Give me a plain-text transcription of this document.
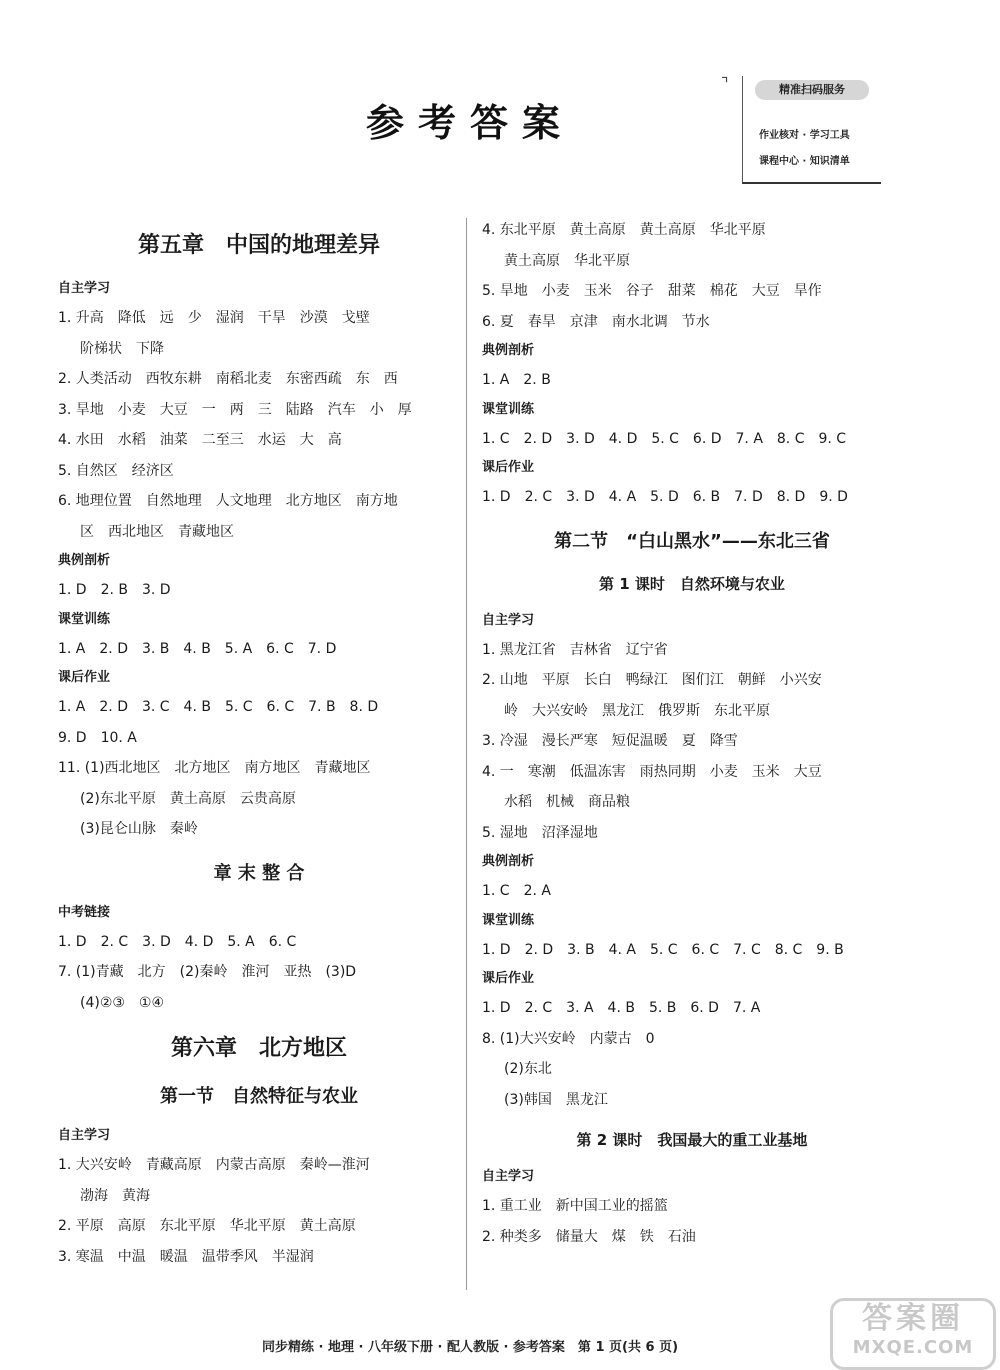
参考答案
⌝	精准扫码服务
作业核对 · 学习工具
课程中心 · 知识清单
第五章　中国的地理差异
自主学习
1. 升高　降低　远　少　湿润　干旱　沙漠　戈壁
阶梯状　下降
2. 人类活动　西牧东耕　南稻北麦　东密西疏　东　西
3. 旱地　小麦　大豆　一　两　三　陆路　汽车　小　厚
4. 水田　水稻　油菜　二至三　水运　大　高
5. 自然区　经济区
6. 地理位置　自然地理　人文地理　北方地区　南方地
区　西北地区　青藏地区
典例剖析
1. D　2. B　3. D
课堂训练
1. A　2. D　3. B　4. B　5. A　6. C　7. D
课后作业
1. A　2. D　3. C　4. B　5. C　6. C　7. B　8. D
9. D　10. A
11. (1)西北地区　北方地区　南方地区　青藏地区
(2)东北平原　黄土高原　云贵高原
(3)昆仑山脉　秦岭
章 末 整 合
中考链接
1. D　2. C　3. D　4. D　5. A　6. C
7. (1)青藏　北方　(2)秦岭　淮河　亚热　(3)D
(4)②③　①④
第六章　北方地区
第一节　自然特征与农业
自主学习
1. 大兴安岭　青藏高原　内蒙古高原　秦岭—淮河
渤海　黄海
2. 平原　高原　东北平原　华北平原　黄土高原
3. 寒温　中温　暖温　温带季风　半湿润
4. 东北平原　黄土高原　黄土高原　华北平原
黄土高原　华北平原
5. 旱地　小麦　玉米　谷子　甜菜　棉花　大豆　旱作
6. 夏　春旱　京津　南水北调　节水
典例剖析
1. A　2. B
课堂训练
1. C　2. D　3. D　4. D　5. C　6. D　7. A　8. C　9. C
课后作业
1. D　2. C　3. D　4. A　5. D　6. B　7. D　8. D　9. D
第二节　“白山黑水”——东北三省
第 1 课时　自然环境与农业
自主学习
1. 黑龙江省　吉林省　辽宁省
2. 山地　平原　长白　鸭绿江　图们江　朝鲜　小兴安
岭　大兴安岭　黑龙江　俄罗斯　东北平原
3. 冷湿　漫长严寒　短促温暖　夏　降雪
4. 一　寒潮　低温冻害　雨热同期　小麦　玉米　大豆
水稻　机械　商品粮
5. 湿地　沼泽湿地
典例剖析
1. C　2. A
课堂训练
1. D　2. D　3. B　4. A　5. C　6. C　7. C　8. C　9. B
课后作业
1. D　2. C　3. A　4. B　5. B　6. D　7. A
8. (1)大兴安岭　内蒙古　0
(2)东北
(3)韩国　黑龙江
第 2 课时　我国最大的重工业基地
自主学习
1. 重工业　新中国工业的摇篮
2. 种类多　储量大　煤　铁　石油
同步精练 · 地理 · 八年级下册 · 配人教版 · 参考答案　第 1 页(共 6 页)
答案圈
MXQE.COM
